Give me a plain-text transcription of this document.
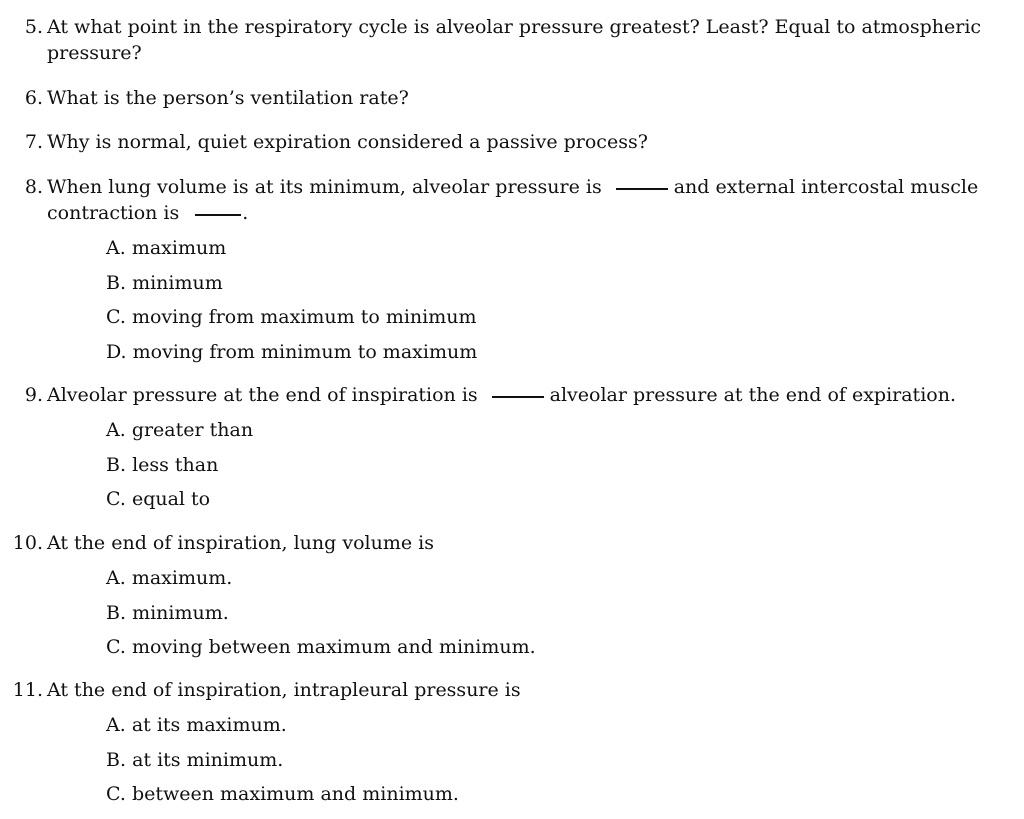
5. At what point in the respiratory cycle is alveolar pressure greatest? Least? Equal to atmospheric
pressure?
6. What is the person’s ventilation rate?
7. Why is normal, quiet expiration considered a passive process?
8. When lung volume is at its minimum, alveolar pressure is	and external intercostal muscle
contraction is	.
A. maximum
B. minimum
C. moving from maximum to minimum
D. moving from minimum to maximum
9. Alveolar pressure at the end of inspiration is	alveolar pressure at the end of expiration.
A. greater than
B. less than
C. equal to
10. At the end of inspiration, lung volume is
A. maximum.
B. minimum.
C. moving between maximum and minimum.
11. At the end of inspiration, intrapleural pressure is
A. at its maximum.
B. at its minimum.
C. between maximum and minimum.
